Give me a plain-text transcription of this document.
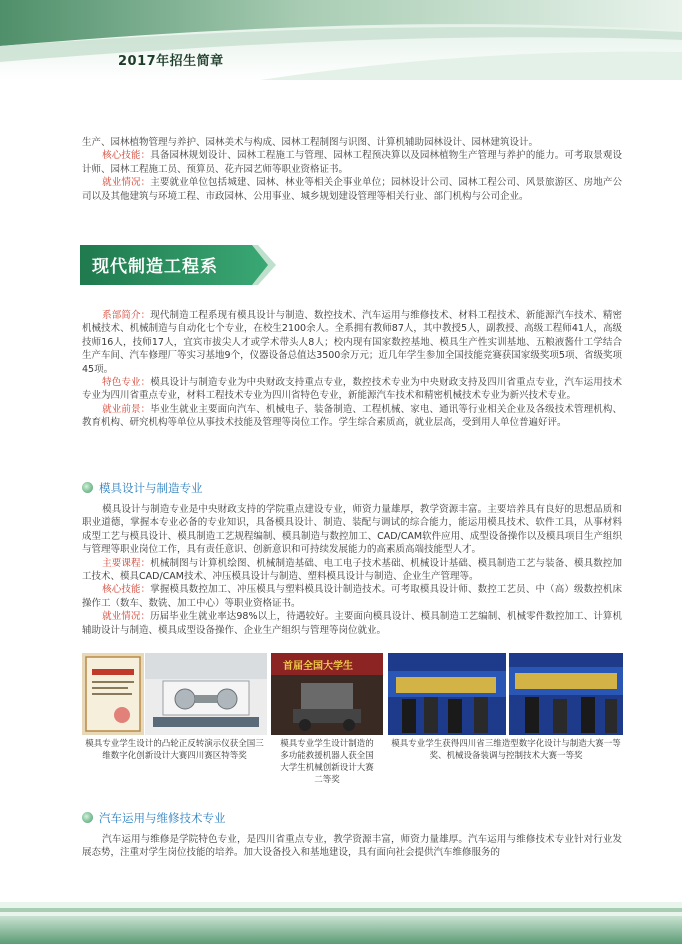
2017年招生简章

生产、园林植物管理与养护、园林美术与构成、园林工程制图与识图、计算机辅助园林设计、园林建筑设计。
核心技能：具备园林规划设计、园林工程施工与管理、园林工程预决算以及园林植物生产管理与养护的能力。可考取景观设计师、园林工程施工员、预算员、花卉园艺师等职业资格证书。
就业情况：主要就业单位包括城建、园林、林业等相关企事业单位；园林设计公司、园林工程公司、风景旅游区、房地产公司以及其他建筑与环境工程、市政园林、公用事业、城乡规划建设管理等相关行业、部门机构与公司企业。

现代制造工程系

系部简介：现代制造工程系现有模具设计与制造、数控技术、汽车运用与维修技术、材料工程技术、新能源汽车技术、精密机械技术、机械制造与自动化七个专业，在校生2100余人。全系拥有教师87人，其中教授5人，副教授、高级工程师41人，高级技师16人，技师17人，宜宾市拔尖人才或学术带头人8人；校内现有国家数控基地、模具生产性实训基地、五粮液酱什工学结合生产车间、汽车修理厂等实习基地9个，仪器设备总值达3500余万元；近几年学生参加全国技能竞赛获国家级奖项5项、省级奖项45项。
特色专业：模具设计与制造专业为中央财政支持重点专业，数控技术专业为中央财政支持及四川省重点专业，汽车运用技术专业为四川省重点专业，材料工程技术专业为四川省特色专业，新能源汽车技术和精密机械技术专业为新兴技术专业。
就业前景：毕业生就业主要面向汽车、机械电子、装备制造、工程机械、家电、通讯等行业相关企业及各级技术管理机构、教育机构、研究机构等单位从事技术技能及管理等岗位工作。学生综合素质高，就业层高，受到用人单位普遍好评。

模具设计与制造专业

模具设计与制造专业是中央财政支持的学院重点建设专业，师资力量雄厚，教学资源丰富。主要培养具有良好的思想品质和职业道德，掌握本专业必备的专业知识，具备模具设计、制造、装配与调试的综合能力，能运用模具技术、软件工具，从事材料成型工艺与模具设计、模具制造工艺规程编制、模具制造与数控加工、CAD/CAM软件应用、成型设备操作以及模具项目生产组织与管理等职业岗位工作，具有责任意识、创新意识和可持续发展能力的高素质高端技能型人才。
主要课程：机械制图与计算机绘图、机械制造基础、电工电子技术基础、机械设计基础、模具制造工艺与装备、模具数控加工技术、模具CAD/CAM技术、冲压模具设计与制造、塑料模具设计与制造、企业生产管理等。
核心技能：掌握模具数控加工、冲压模具与塑料模具设计制造技术。可考取模具设计师、数控工艺员、中（高）级数控机床操作工（数车、数铣、加工中心）等职业资格证书。
就业情况：历届毕业生就业率达98%以上，待遇较好。主要面向模具设计、模具制造工艺编制、机械零件数控加工、计算机辅助设计与制造、模具成型设备操作、企业生产组织与管理等岗位就业。

首届全国大学生
模具专业学生设计的凸轮正反转演示仪获全国三维数字化创新设计大赛四川赛区特等奖
模具专业学生设计制造的多功能救援机器人获全国大学生机械创新设计大赛二等奖
模具专业学生获得四川省三维造型数字化设计与制造大赛一等奖、机械设备装调与控制技术大赛一等奖
汽车运用与维修技术专业

汽车运用与维修是学院特色专业，是四川省重点专业，教学资源丰富，师资力量雄厚。汽车运用与维修技术专业针对行业发展态势，注重对学生岗位技能的培养。加大设备投入和基地建设，具有面向社会提供汽车维修服务的
